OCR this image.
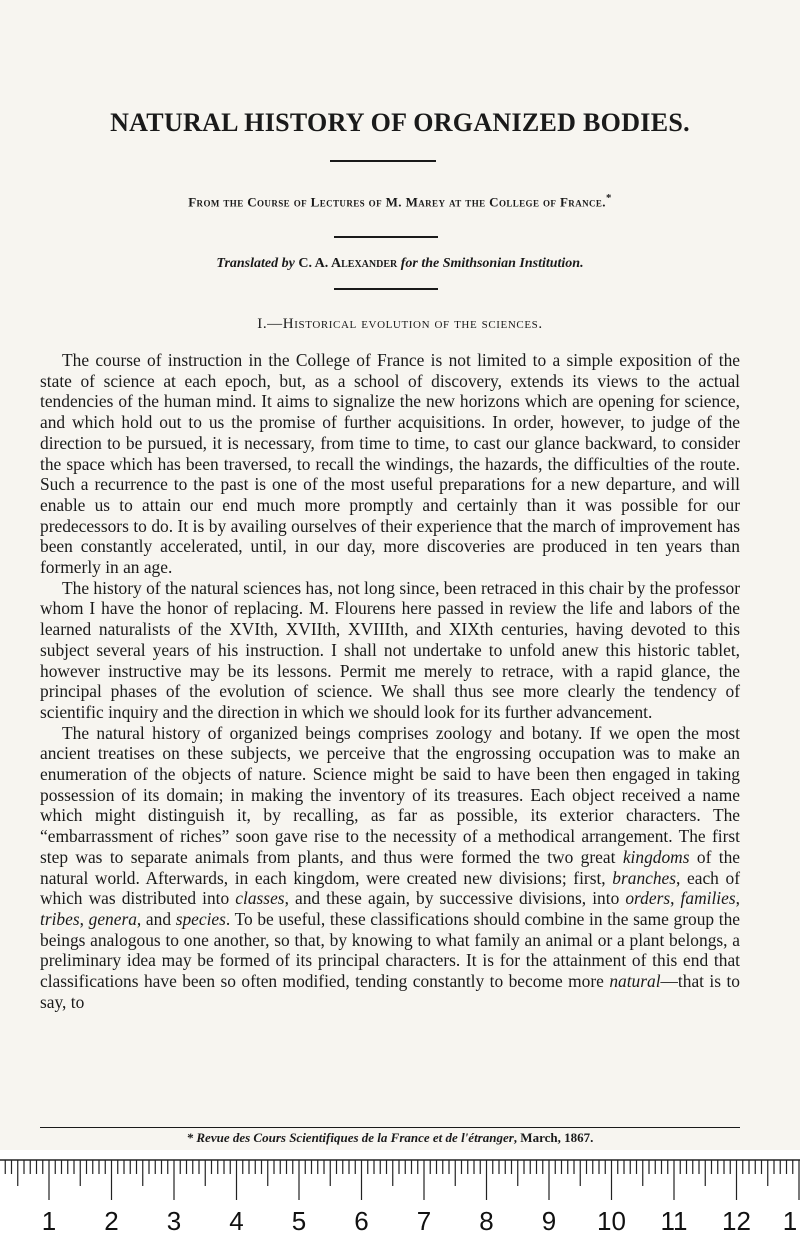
NATURAL HISTORY OF ORGANIZED BODIES.
From the Course of Lectures of M. Marey at the College of France.*
Translated by C. A. Alexander for the Smithsonian Institution.
I.—Historical evolution of the sciences.

The course of instruction in the College of France is not limited to a simple exposition of the state of science at each epoch, but, as a school of discovery, extends its views to the actual tendencies of the human mind. It aims to signalize the new horizons which are opening for science, and which hold out to us the promise of further acquisitions. In order, however, to judge of the direction to be pursued, it is necessary, from time to time, to cast our glance backward, to consider the space which has been traversed, to recall the windings, the hazards, the difficulties of the route. Such a recurrence to the past is one of the most useful preparations for a new departure, and will enable us to attain our end much more promptly and certainly than it was possible for our predecessors to do. It is by availing ourselves of their experience that the march of improvement has been constantly accelerated, until, in our day, more discoveries are produced in ten years than formerly in an age.

The history of the natural sciences has, not long since, been retraced in this chair by the professor whom I have the honor of replacing. M. Flourens here passed in review the life and labors of the learned naturalists of the XVIth, XVIIth, XVIIIth, and XIXth centuries, having devoted to this subject several years of his instruction. I shall not undertake to unfold anew this historic tablet, however instructive may be its lessons. Permit me merely to retrace, with a rapid glance, the principal phases of the evolution of science. We shall thus see more clearly the tendency of scientific inquiry and the direction in which we should look for its further advancement.

The natural history of organized beings comprises zoology and botany. If we open the most ancient treatises on these subjects, we perceive that the engrossing occupation was to make an enumeration of the objects of nature. Science might be said to have been then engaged in taking possession of its domain; in making the inventory of its treasures. Each object received a name which might distinguish it, by recalling, as far as possible, its exterior characters. The “embarrassment of riches” soon gave rise to the necessity of a methodical arrangement. The first step was to separate animals from plants, and thus were formed the two great kingdoms of the natural world. Afterwards, in each kingdom, were created new divisions; first, branches, each of which was distributed into classes, and these again, by successive divisions, into orders, families, tribes, genera, and species. To be useful, these classifications should combine in the same group the beings analogous to one another, so that, by knowing to what family an animal or a plant belongs, a preliminary idea may be formed of its principal characters. It is for the attainment of this end that classifications have been so often modified, tending constantly to become more natural—that is to say, to

* Revue des Cours Scientifiques de la France et de l'étranger, March, 1867.
1 2 3 4 5 6 7 8 9 10 11 12 1
